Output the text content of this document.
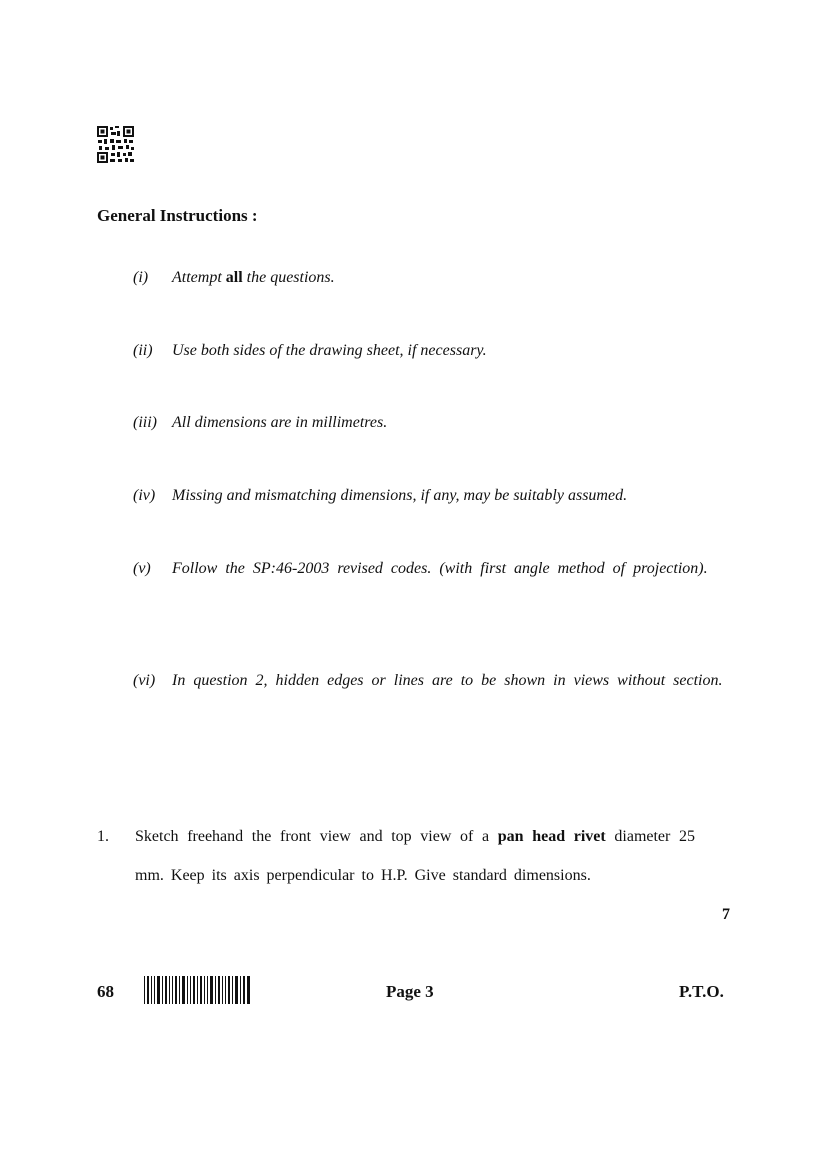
General Instructions :
(i) Attempt all the questions.
(ii) Use both sides of the drawing sheet, if necessary.
(iii) All dimensions are in millimetres.
(iv) Missing and mismatching dimensions, if any, may be suitably assumed.
(v) Follow the SP:46-2003 revised codes. (with first angle method of projection).
(vi) In question 2, hidden edges or lines are to be shown in views without section.
1. Sketch freehand the front view and top view of a pan head rivet diameter 25 mm. Keep its axis perpendicular to H.P. Give standard dimensions.
7
68	Page 3	P.T.O.
